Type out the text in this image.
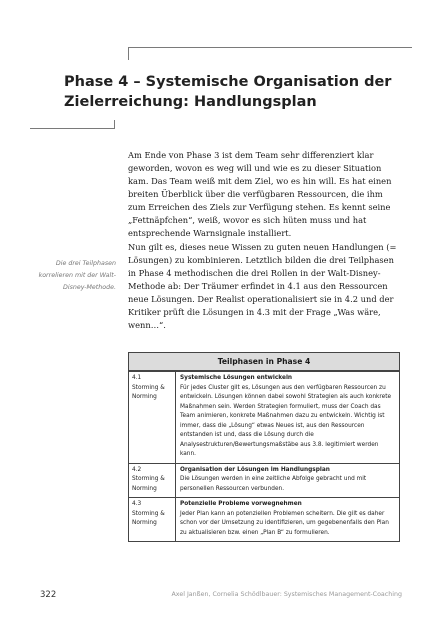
Phase 4 – Systemische Organisation der Zielerreichung: Handlungsplan

Am Ende von Phase 3 ist dem Team sehr differenziert klar geworden, wovon es weg will und wie es zu dieser Situation kam. Das Team weiß mit dem Ziel, wo es hin will. Es hat einen breiten Überblick über die verfügbaren Ressourcen, die ihm zum Erreichen des Ziels zur Verfügung stehen. Es kennt seine „Fettnäpfchen“, weiß, wovor es sich hüten muss und hat entsprechende Warnsignale installiert.

Nun gilt es, dieses neue Wissen zu guten neuen Handlungen (= Lösungen) zu kombinieren. Letztlich bilden die drei Teilphasen in Phase 4 methodischen die drei Rollen in der Walt-Disney-Methode ab: Der Träumer erfindet in 4.1 aus den Ressourcen neue Lösungen. Der Realist operationalisiert sie in 4.2 und der Kritiker prüft die Lösungen in 4.3 mit der Frage „Was wäre, wenn…“.

Die drei Teilphasen korrelieren mit der Walt-Disney-Methode.

Teilphasen in Phase 4
4.1
Storming & Norming
Systemische Lösungen entwickeln
Für jedes Cluster gilt es, Lösungen aus den verfügbaren Ressourcen zu entwickeln. Lösungen können dabei sowohl Strategien als auch konkrete Maßnahmen sein. Werden Strategien formuliert, muss der Coach das Team animieren, konkrete Maßnahmen dazu zu entwickeln. Wichtig ist immer, dass die „Lösung“ etwas Neues ist, aus den Ressourcen entstanden ist und, dass die Lösung durch die Analysestrukturen/Bewertungsmaßstäbe aus 3.8. legitimiert werden kann.
4.2
Storming & Norming
Organisation der Lösungen im Handlungsplan
Die Lösungen werden in eine zeitliche Abfolge gebracht und mit personellen Ressourcen verbunden.
4.3
Storming & Norming
Potenzielle Probleme vorwegnehmen
Jeder Plan kann an potenziellen Problemen scheitern. Die gilt es daher schon vor der Umsetzung zu identifizieren, um gegebenenfalls den Plan zu aktualisieren bzw. einen „Plan B“ zu formulieren.
322	Axel Janßen, Cornelia Schödlbauer: Systemisches Management-Coaching
